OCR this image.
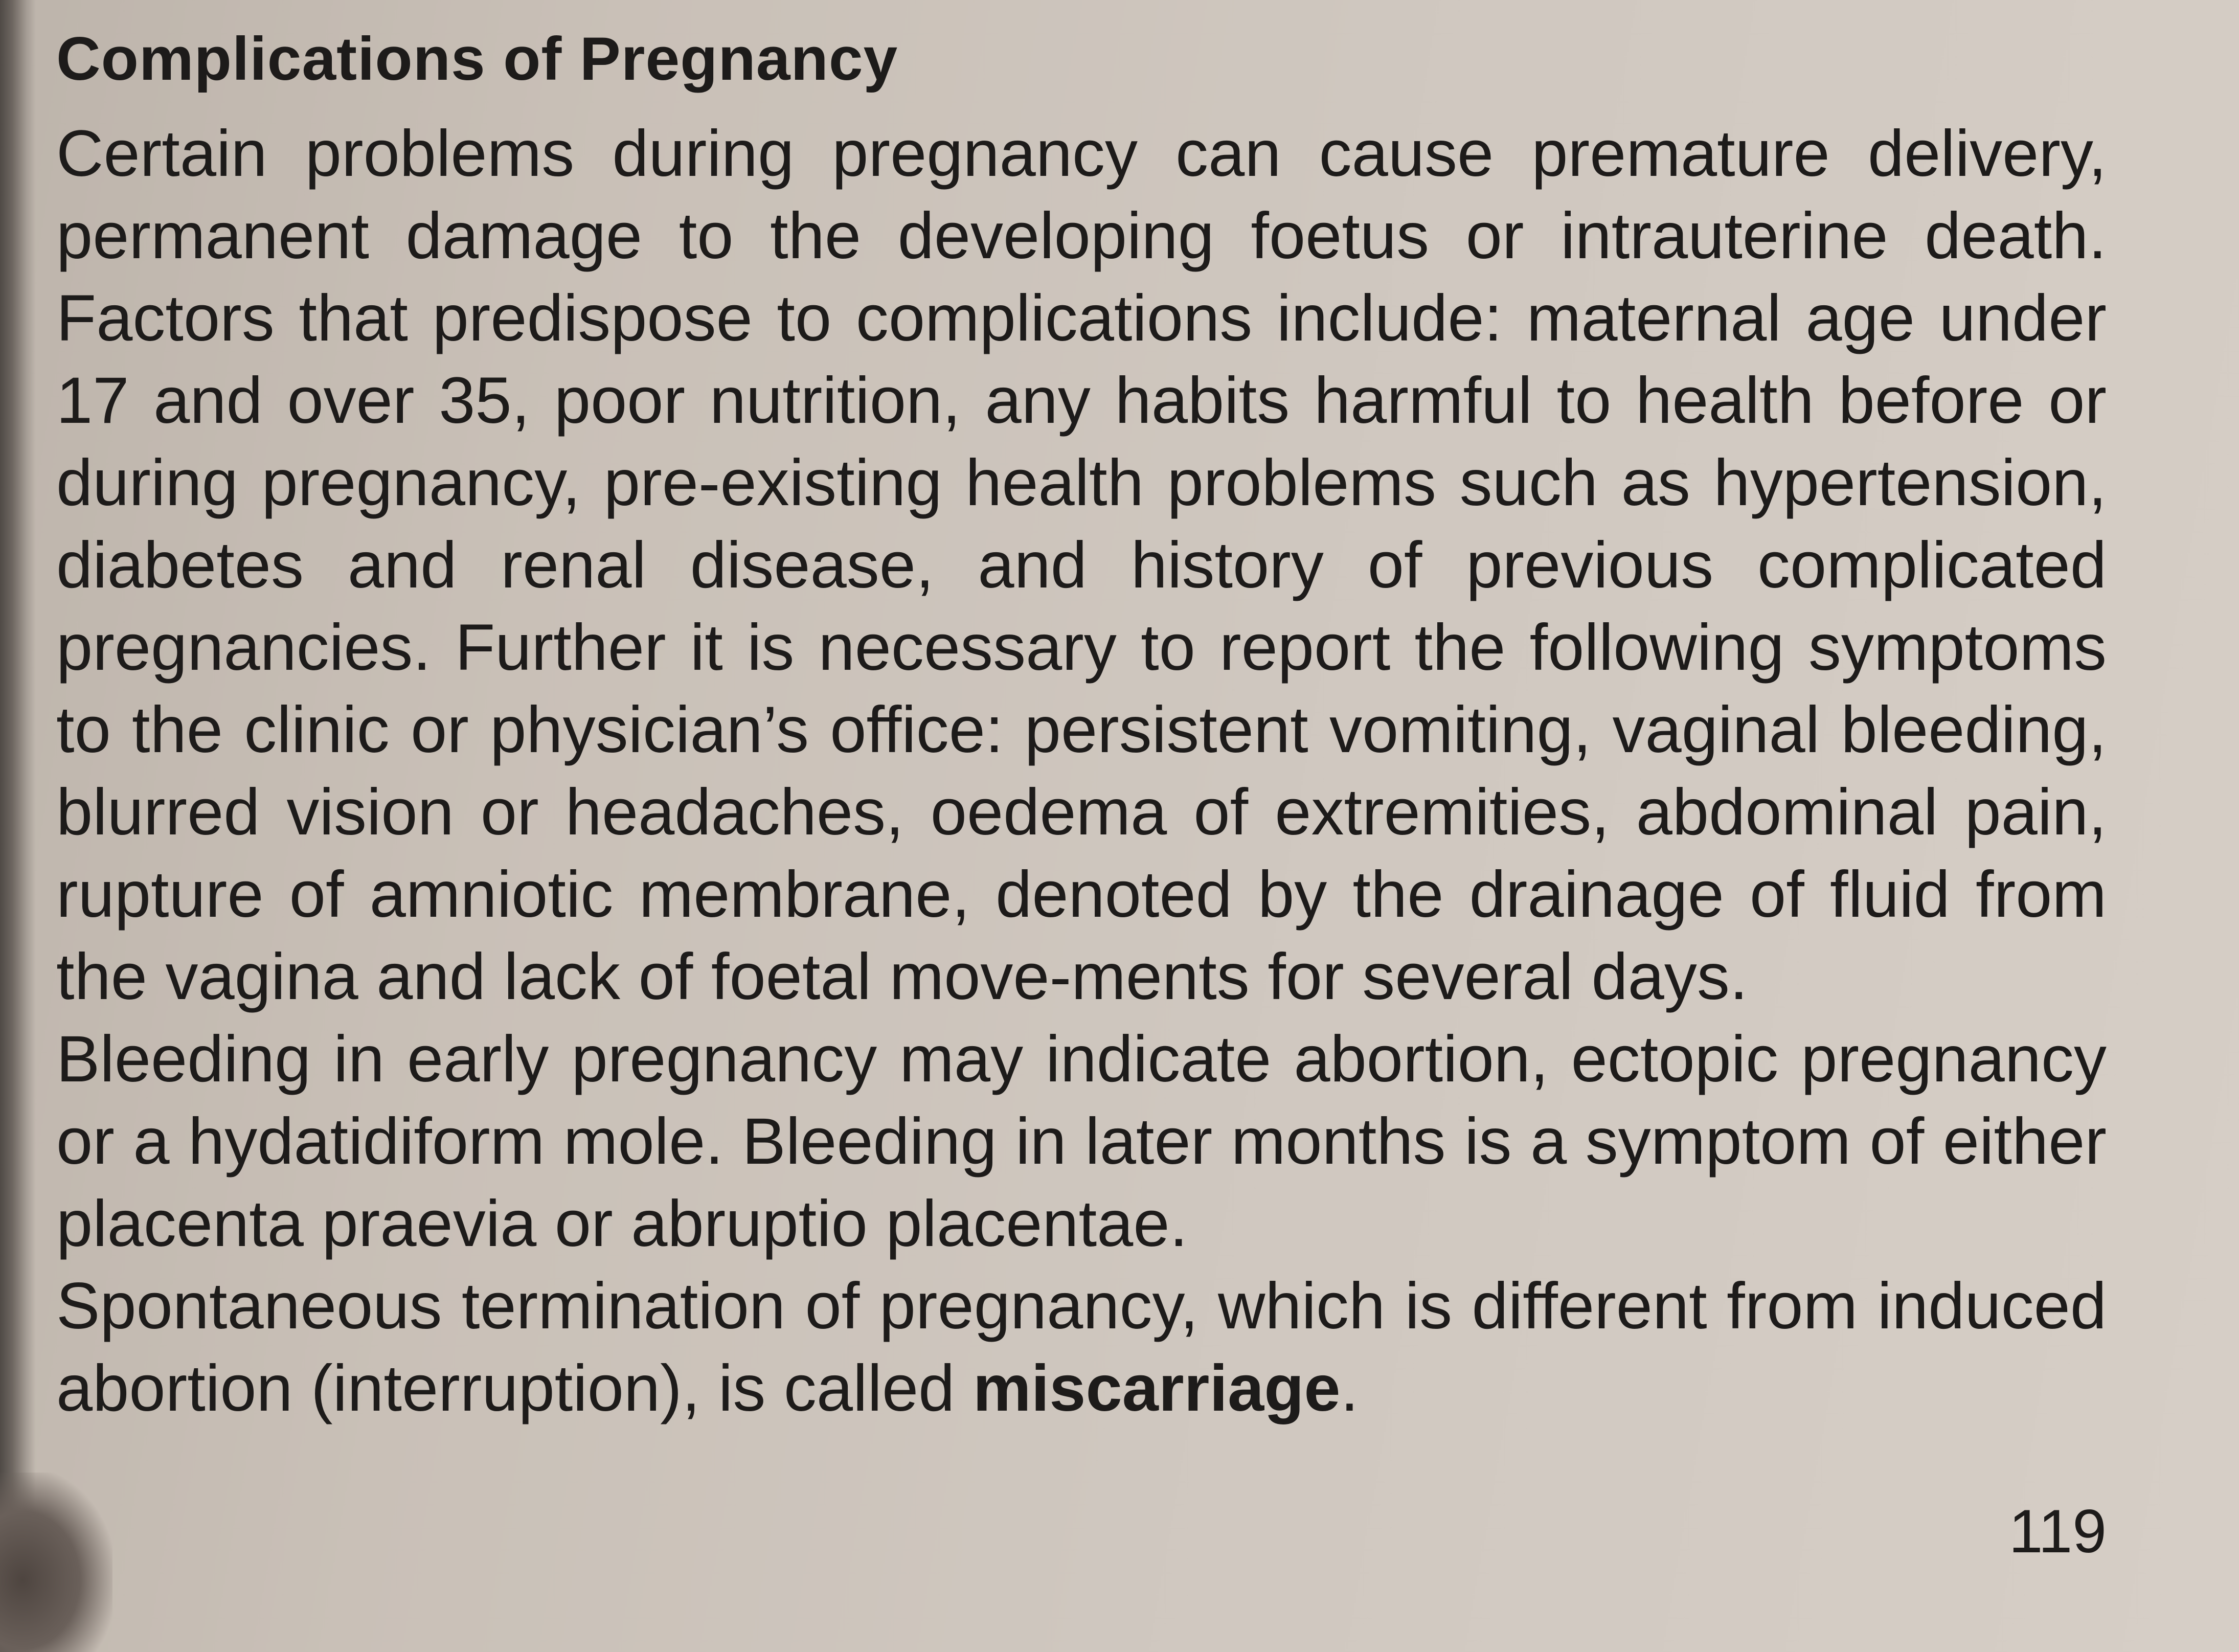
Complications of Pregnancy

Certain problems during pregnancy can cause premature delivery, permanent damage to the developing foetus or intrauterine death. Factors that predispose to complications include: maternal age under 17 and over 35, poor nutrition, any habits harmful to health before or during pregnancy, pre-existing health problems such as hypertension, diabetes and renal disease, and history of previous complicated pregnancies. Further it is necessary to report the following symptoms to the clinic or physician’s office: persistent vomiting, vaginal bleeding, blurred vision or headaches, oedema of extremities, abdominal pain, rupture of amniotic membrane, denoted by the drainage of fluid from the vagina and lack of foetal move-ments for several days.

Bleeding in early pregnancy may indicate abortion, ectopic pregnancy or a hydatidiform mole. Bleeding in later months is a symptom of either placenta praevia or abruptio placentae.

Spontaneous termination of pregnancy, which is different from induced abortion (interruption), is called miscarriage.

119
